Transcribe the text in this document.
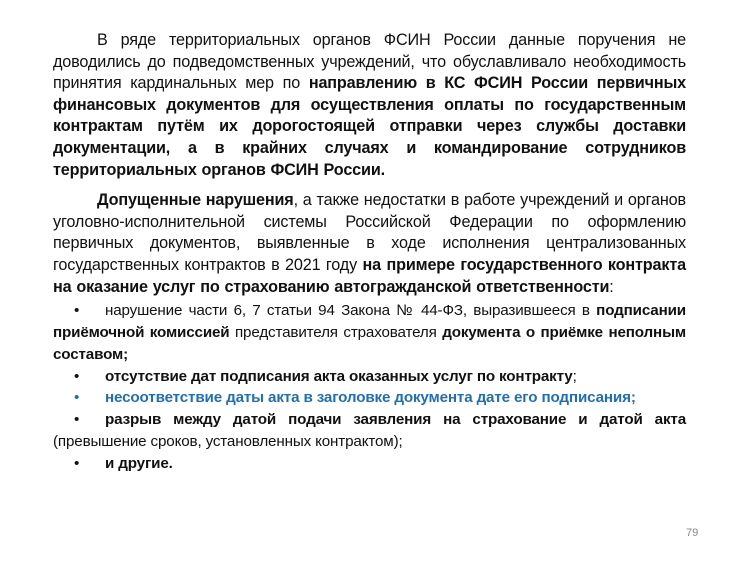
В ряде территориальных органов ФСИН России данные поручения не доводились до подведомственных учреждений, что обуславливало необходимость принятия кардинальных мер по направлению в КС ФСИН России первичных финансовых документов для осуществления оплаты по государственным контрактам путём их дорогостоящей отправки через службы доставки документации, а в крайних случаях и командирование сотрудников территориальных органов ФСИН России.

Допущенные нарушения, а также недостатки в работе учреждений и органов уголовно-исполнительной системы Российской Федерации по оформлению первичных документов, выявленные в ходе исполнения централизованных государственных контрактов в 2021 году на примере государственного контракта на оказание услуг по страхованию автогражданской ответственности:

• нарушение части 6, 7 статьи 94 Закона № 44-ФЗ, выразившееся в подписании приёмочной комиссией представителя страхователя документа о приёмке неполным составом;
• отсутствие дат подписания акта оказанных услуг по контракту;
• несоответствие даты акта в заголовке документа дате его подписания;
• разрыв между датой подачи заявления на страхование и датой акта (превышение сроков, установленных контрактом);
• и другие.
79
